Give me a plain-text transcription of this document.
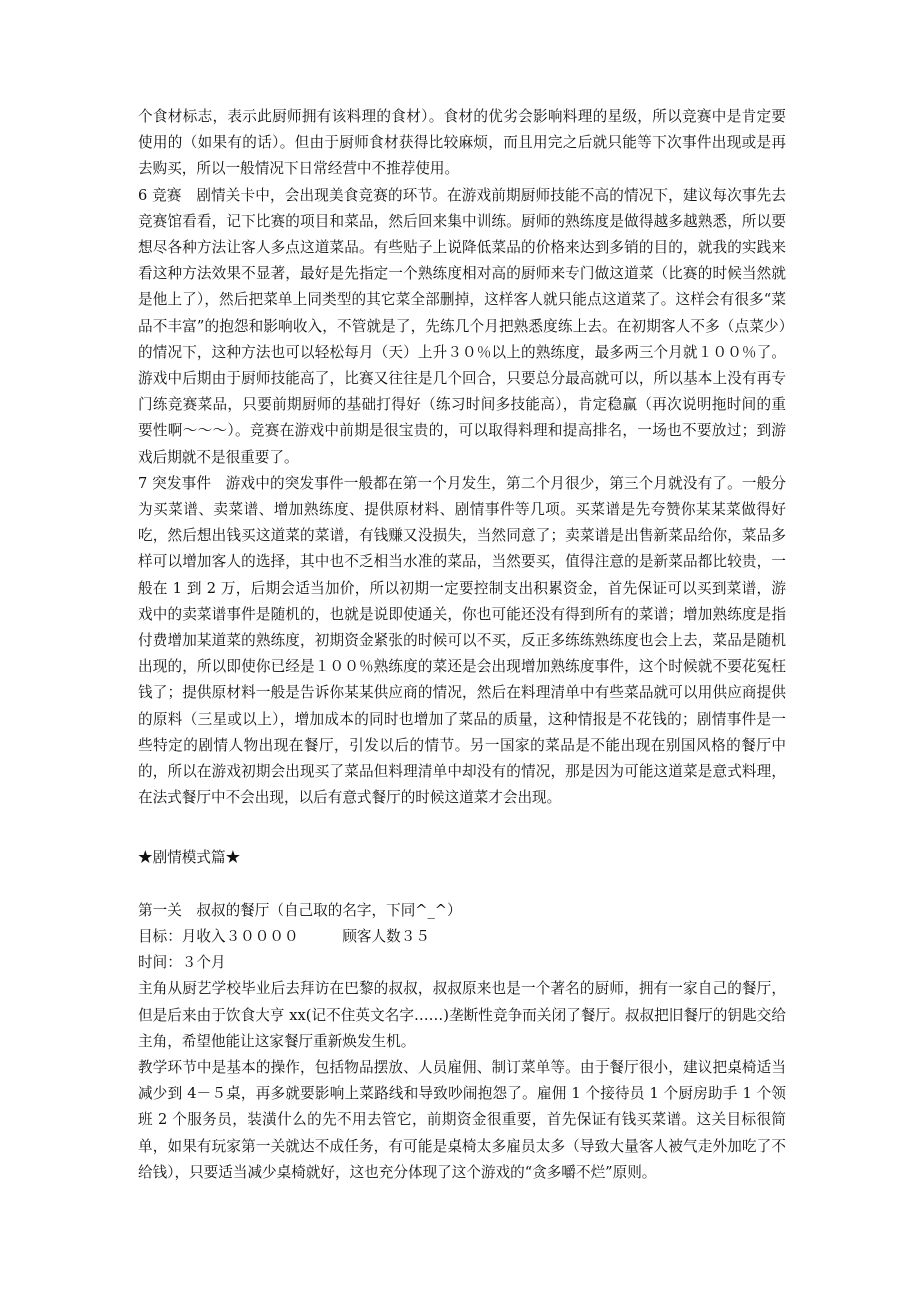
个食材标志，表示此厨师拥有该料理的食材）。食材的优劣会影响料理的星级，所以竞赛中是肯定要使用的（如果有的话）。但由于厨师食材获得比较麻烦，而且用完之后就只能等下次事件出现或是再去购买，所以一般情况下日常经营中不推荐使用。

6 竞赛　剧情关卡中，会出现美食竞赛的环节。在游戏前期厨师技能不高的情况下，建议每次事先去竞赛馆看看，记下比赛的项目和菜品，然后回来集中训练。厨师的熟练度是做得越多越熟悉，所以要想尽各种方法让客人多点这道菜品。有些贴子上说降低菜品的价格来达到多销的目的，就我的实践来看这种方法效果不显著，最好是先指定一个熟练度相对高的厨师来专门做这道菜（比赛的时候当然就是他上了），然后把菜单上同类型的其它菜全部删掉，这样客人就只能点这道菜了。这样会有很多“菜品不丰富”的抱怨和影响收入，不管就是了，先练几个月把熟悉度练上去。在初期客人不多（点菜少）的情况下，这种方法也可以轻松每月（天）上升３０％以上的熟练度，最多两三个月就１００％了。游戏中后期由于厨师技能高了，比赛又往往是几个回合，只要总分最高就可以，所以基本上没有再专门练竞赛菜品，只要前期厨师的基础打得好（练习时间多技能高），肯定稳赢（再次说明拖时间的重要性啊～～～）。竞赛在游戏中前期是很宝贵的，可以取得料理和提高排名，一场也不要放过；到游戏后期就不是很重要了。

7 突发事件　游戏中的突发事件一般都在第一个月发生，第二个月很少，第三个月就没有了。一般分为买菜谱、卖菜谱、增加熟练度、提供原材料、剧情事件等几项。买菜谱是先夸赞你某某菜做得好吃，然后想出钱买这道菜的菜谱，有钱赚又没损失，当然同意了；卖菜谱是出售新菜品给你，菜品多样可以增加客人的选择，其中也不乏相当水准的菜品，当然要买，值得注意的是新菜品都比较贵，一般在 1 到 2 万，后期会适当加价，所以初期一定要控制支出积累资金，首先保证可以买到菜谱，游戏中的卖菜谱事件是随机的，也就是说即使通关，你也可能还没有得到所有的菜谱；增加熟练度是指付费增加某道菜的熟练度，初期资金紧张的时候可以不买，反正多练练熟练度也会上去，菜品是随机出现的，所以即使你已经是１００％熟练度的菜还是会出现增加熟练度事件，这个时候就不要花冤枉钱了；提供原材料一般是告诉你某某供应商的情况，然后在料理清单中有些菜品就可以用供应商提供的原料（三星或以上），增加成本的同时也增加了菜品的质量，这种情报是不花钱的；剧情事件是一些特定的剧情人物出现在餐厅，引发以后的情节。另一国家的菜品是不能出现在别国风格的餐厅中的，所以在游戏初期会出现买了菜品但料理清单中却没有的情况，那是因为可能这道菜是意式料理，在法式餐厅中不会出现，以后有意式餐厅的时候这道菜才会出现。

★剧情模式篇★

第一关　叔叔的餐厅（自己取的名字，下同^_^）

目标：月收入３００００　　　顾客人数３５

时间：３个月

主角从厨艺学校毕业后去拜访在巴黎的叔叔，叔叔原来也是一个著名的厨师，拥有一家自己的餐厅，但是后来由于饮食大亨 xx(记不住英文名字……)垄断性竞争而关闭了餐厅。叔叔把旧餐厅的钥匙交给主角，希望他能让这家餐厅重新焕发生机。

教学环节中是基本的操作，包括物品摆放、人员雇佣、制订菜单等。由于餐厅很小，建议把桌椅适当减少到 4－５桌，再多就要影响上菜路线和导致吵闹抱怨了。雇佣 1 个接待员 1 个厨房助手 1 个领班 2 个服务员，装潢什么的先不用去管它，前期资金很重要，首先保证有钱买菜谱。这关目标很简单，如果有玩家第一关就达不成任务，有可能是桌椅太多雇员太多（导致大量客人被气走外加吃了不给钱），只要适当减少桌椅就好，这也充分体现了这个游戏的“贪多嚼不烂”原则。
